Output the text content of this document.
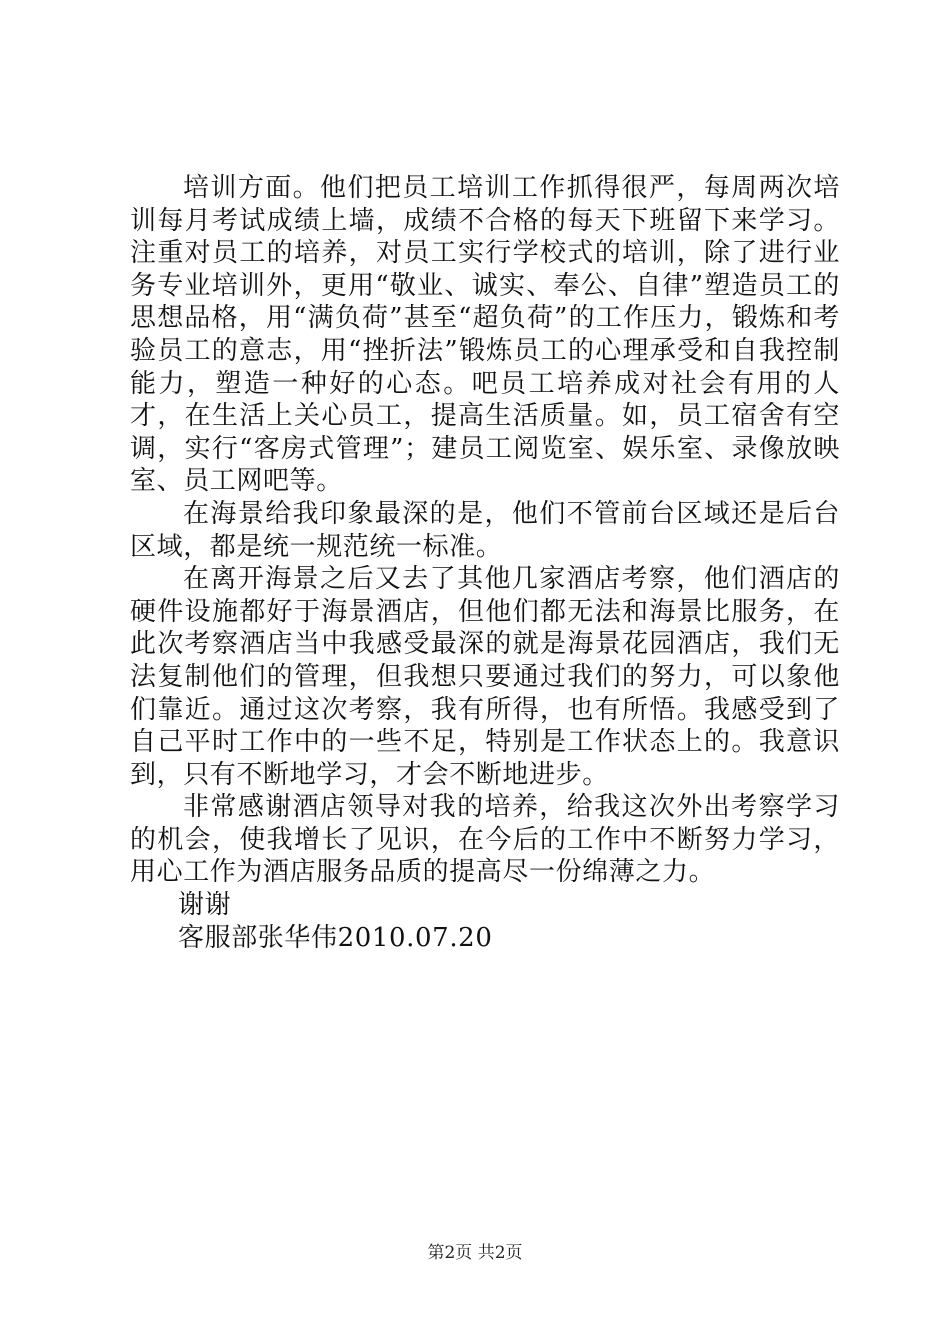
培训方面。他们把员工培训工作抓得很严，每周两次培训每月考试成绩上墙，成绩不合格的每天下班留下来学习。注重对员工的培养，对员工实行学校式的培训，除了进行业务专业培训外，更用“敬业、诚实、奉公、自律”塑造员工的思想品格，用“满负荷”甚至“超负荷”的工作压力，锻炼和考验员工的意志，用“挫折法”锻炼员工的心理承受和自我控制能力，塑造一种好的心态。吧员工培养成对社会有用的人才，在生活上关心员工，提高生活质量。如，员工宿舍有空调，实行“客房式管理”；建员工阅览室、娱乐室、录像放映室、员工网吧等。

在海景给我印象最深的是，他们不管前台区域还是后台区域，都是统一规范统一标准。

在离开海景之后又去了其他几家酒店考察，他们酒店的硬件设施都好于海景酒店，但他们都无法和海景比服务，在此次考察酒店当中我感受最深的就是海景花园酒店，我们无法复制他们的管理，但我想只要通过我们的努力，可以象他们靠近。通过这次考察，我有所得，也有所悟。我感受到了自己平时工作中的一些不足，特别是工作状态上的。我意识到，只有不断地学习，才会不断地进步。

非常感谢酒店领导对我的培养，给我这次外出考察学习的机会，使我增长了见识，在今后的工作中不断努力学习，用心工作为酒店服务品质的提高尽一份绵薄之力。

谢谢

客服部张华伟2010.07.20

第2页 共2页
